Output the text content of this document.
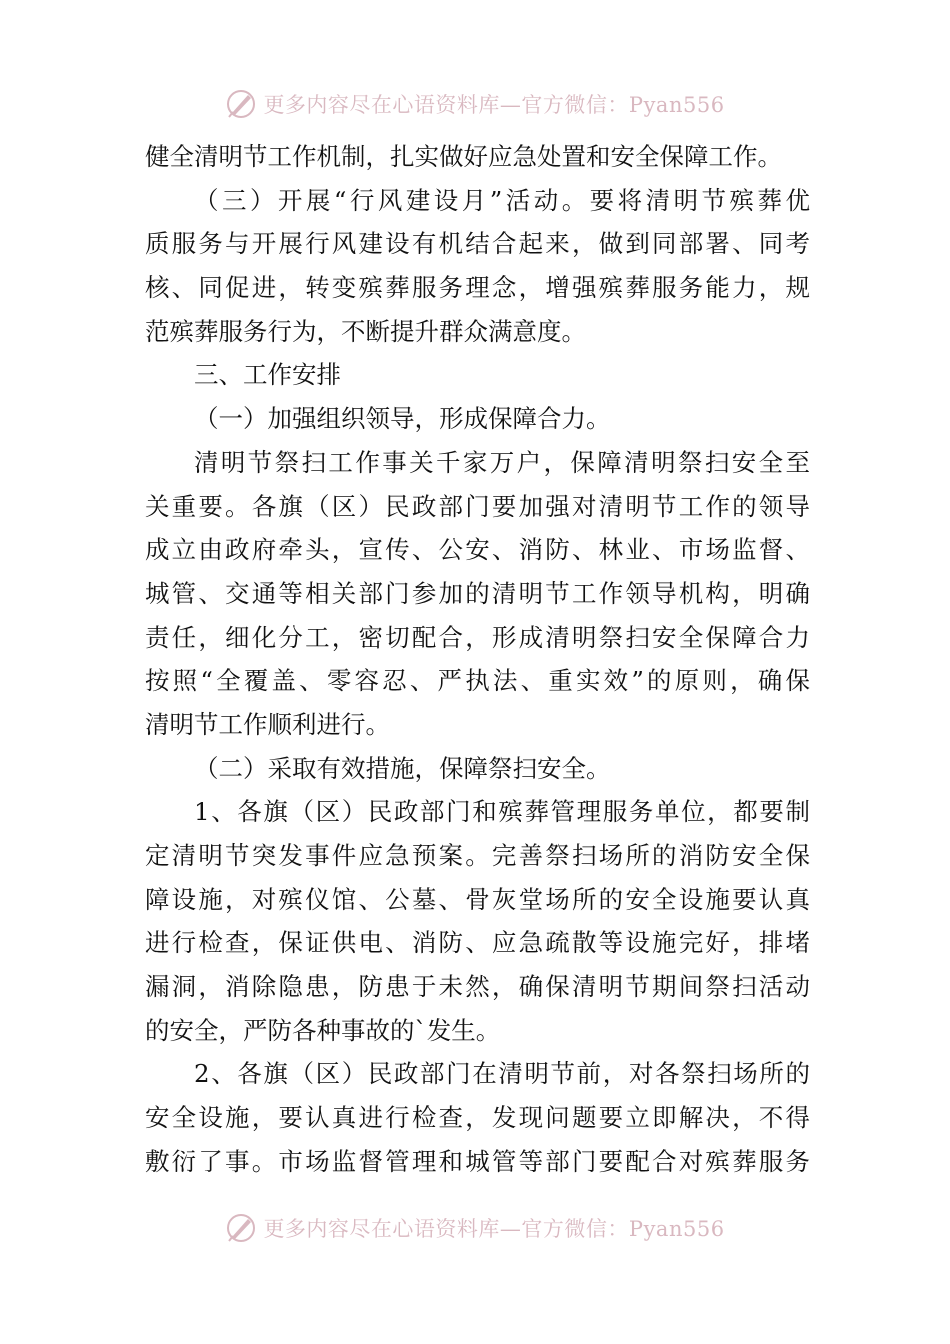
更多内容尽在心语资料库—官方微信：Pyan556
健全清明节工作机制，扎实做好应急处置和安全保障工作。
（三）开展“行风建设月”活动。要将清明节殡葬优
质服务与开展行风建设有机结合起来，做到同部署、同考
核、同促进，转变殡葬服务理念，增强殡葬服务能力，规
范殡葬服务行为，不断提升群众满意度。
三、工作安排
（一）加强组织领导，形成保障合力。
清明节祭扫工作事关千家万户，保障清明祭扫安全至
关重要。各旗（区）民政部门要加强对清明节工作的领导
成立由政府牵头，宣传、公安、消防、林业、市场监督、
城管、交通等相关部门参加的清明节工作领导机构，明确
责任，细化分工，密切配合，形成清明祭扫安全保障合力
按照“全覆盖、零容忍、严执法、重实效”的原则，确保
清明节工作顺利进行。
（二）采取有效措施，保障祭扫安全。
1、各旗（区）民政部门和殡葬管理服务单位，都要制
定清明节突发事件应急预案。完善祭扫场所的消防安全保
障设施，对殡仪馆、公墓、骨灰堂场所的安全设施要认真
进行检查，保证供电、消防、应急疏散等设施完好，排堵
漏洞，消除隐患，防患于未然，确保清明节期间祭扫活动
的安全，严防各种事故的`发生。
2、各旗（区）民政部门在清明节前，对各祭扫场所的
安全设施，要认真进行检查，发现问题要立即解决，不得
敷衍了事。市场监督管理和城管等部门要配合对殡葬服务
更多内容尽在心语资料库—官方微信：Pyan556
